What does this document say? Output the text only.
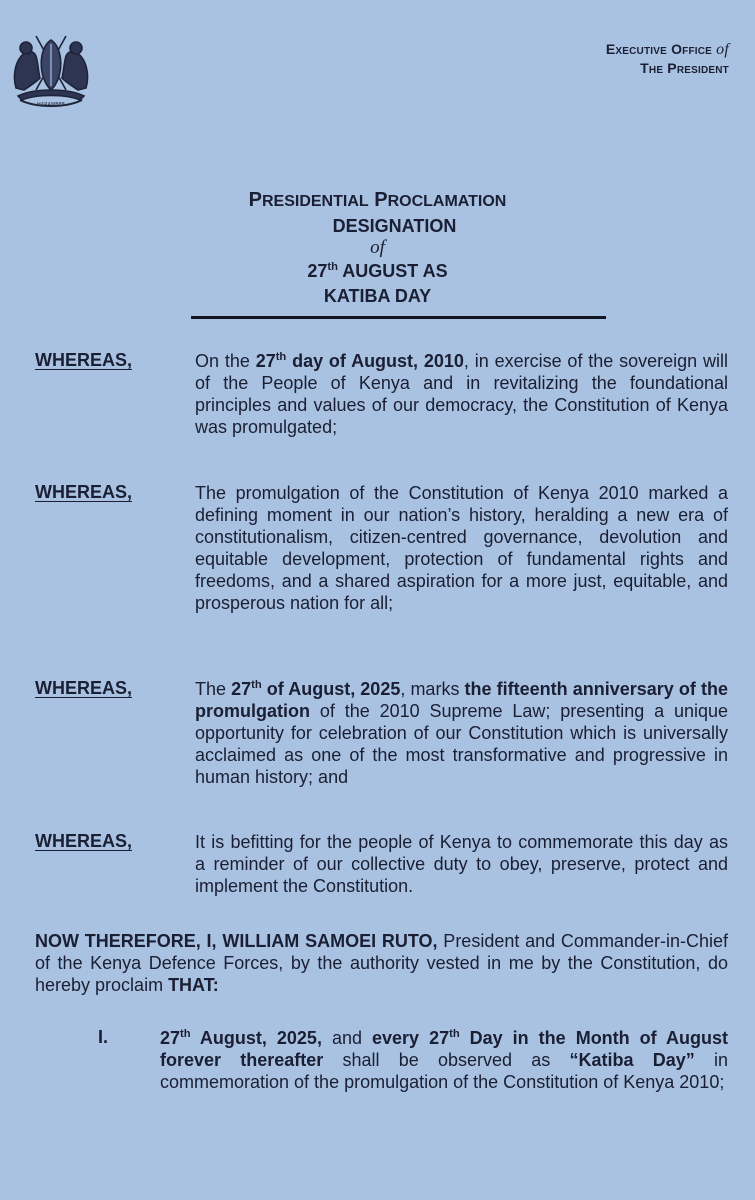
HARAMBEE
Executive Office of
The President
PRESIDENTIAL PROCLAMATION
DESIGNATION
of
27th AUGUST AS
KATIBA DAY
WHEREAS,	On the 27th day of August, 2010, in exercise of the sovereign will of the People of Kenya and in revitalizing the foundational principles and values of our democracy, the Constitution of Kenya was promulgated;
WHEREAS,	The promulgation of the Constitution of Kenya 2010 marked a defining moment in our nation’s history, heralding a new era of constitutionalism, citizen-centred governance, devolution and equitable development, protection of fundamental rights and freedoms, and a shared aspiration for a more just, equitable, and prosperous nation for all;
WHEREAS,	The 27th of August, 2025, marks the fifteenth anniversary of the promulgation of the 2010 Supreme Law; presenting a unique opportunity for celebration of our Constitution which is universally acclaimed as one of the most transformative and progressive in human history; and
WHEREAS,	It is befitting for the people of Kenya to commemorate this day as a reminder of our collective duty to obey, preserve, protect and implement the Constitution.
NOW THEREFORE, I, WILLIAM SAMOEI RUTO, President and Commander-in-Chief of the Kenya Defence Forces, by the authority vested in me by the Constitution, do hereby proclaim THAT:
I.	27th August, 2025, and every 27th Day in the Month of August forever thereafter shall be observed as “Katiba Day” in commemoration of the promulgation of the Constitution of Kenya 2010;
